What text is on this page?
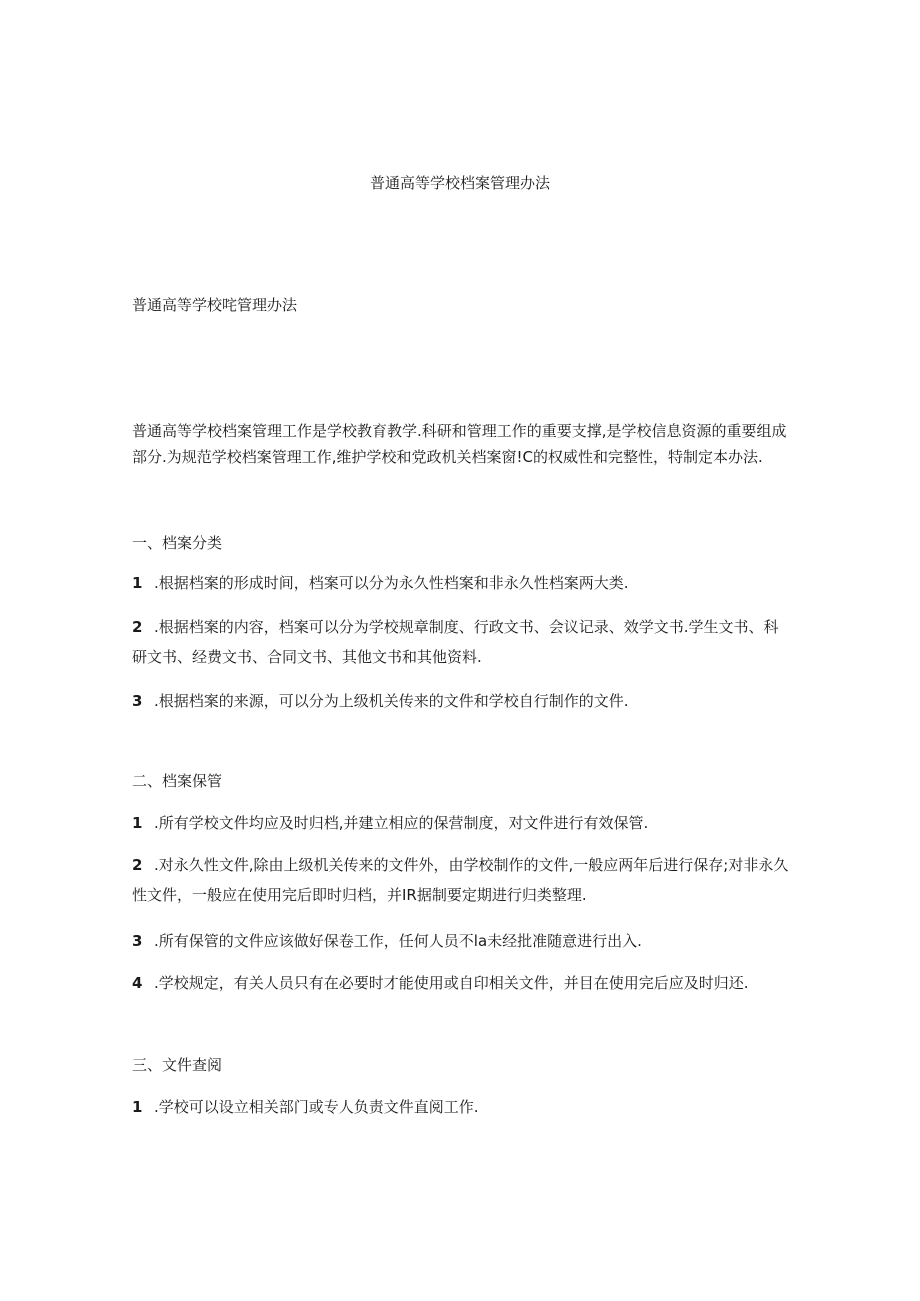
普通高等学校档案管理办法
普通高等学校咤管理办法
普通高等学校档案管理工作是学校教育教学.科研和管理工作的重要支撑,是学校信息资源的重要组成部分.为规范学校档案管理工作,维护学校和党政机关档案窗!C的权威性和完整性，特制定本办法.
一、档案分类
1 .根据档案的形成时间，档案可以分为永久性档案和非永久性档案两大类.
2 .根据档案的内容，档案可以分为学校规章制度、行政文书、会议记录、效学文书.学生文书、科研文书、经费文书、合同文书、其他文书和其他资料.
3 .根据档案的来源，可以分为上级机关传来的文件和学校自行制作的文件.
二、档案保管
1 .所有学校文件均应及时归档,并建立相应的保营制度，对文件进行有效保管.
2 .对永久性文件,除由上级机关传来的文件外，由学校制作的文件,一般应两年后进行保存;对非永久性文件，一般应在使用完后即时归档，并IR据制要定期进行归类整理.
3 .所有保管的文件应该做好保卷工作，任何人员不la未经批准随意进行出入.
4 .学校规定，有关人员只有在必要时才能使用或自印相关文件，并目在使用完后应及时归还.
三、文件查阅
1 .学校可以设立相关部门或专人负责文件直阅工作.
